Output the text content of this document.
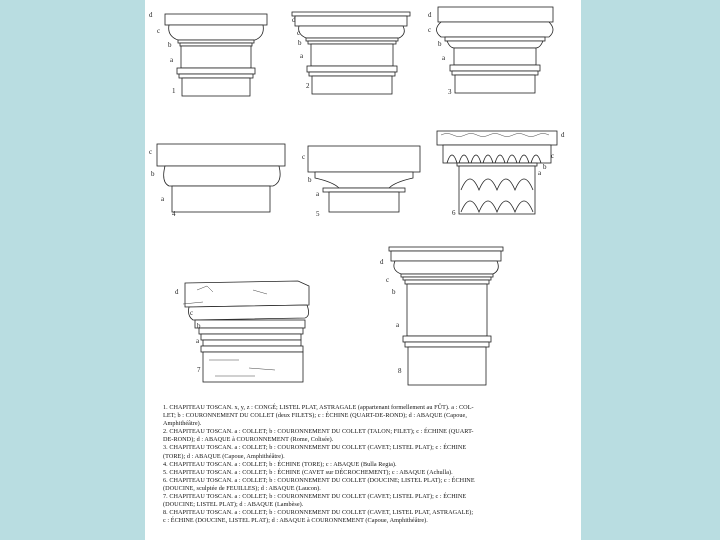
d
c
b
a
1
d
c
b
a
2
d
c
b
a
3
c
b
a
4
c
b
a
5
d
c
b
a
6
d
c
b
a
7
d
c
b
a
8

1. CHAPITEAU TOSCAN. x, y, z : CONGÉ; LISTEL PLAT, ASTRAGALE (appartenant formellement au FÛT). a : COL-

LET; b : COURONNEMENT DU COLLET (deux FILETS); c : ÉCHINE (QUART-DE-ROND); d : ABAQUE (Capoue,

Amphithéâtre).

2. CHAPITEAU TOSCAN. a : COLLET; b : COURONNEMENT DU COLLET (TALON; FILET); c : ÉCHINE (QUART-

DE-ROND); d : ABAQUE à COURONNEMENT (Rome, Colisée).

3. CHAPITEAU TOSCAN. a : COLLET; b : COURONNEMENT DU COLLET (CAVET; LISTEL PLAT); c : ÉCHINE

(TORE); d : ABAQUE (Capoue, Amphithéâtre).

4. CHAPITEAU TOSCAN. a : COLLET; b : ÉCHINE (TORE); c : ABAQUE (Bulla Regia).

5. CHAPITEAU TOSCAN. a : COLLET; b : ÉCHINE (CAVET sur DÉCROCHEMENT); c : ABAQUE (Achulla).

6. CHAPITEAU TOSCAN. a : COLLET; b : COURONNEMENT DU COLLET (DOUCINE; LISTEL PLAT); c : ÉCHINE

(DOUCINE, sculptée de FEUILLES); d : ABAQUE (Laucon).

7. CHAPITEAU TOSCAN. a : COLLET; b : COURONNEMENT DU COLLET (CAVET; LISTEL PLAT); c : ÉCHINE

(DOUCINE; LISTEL PLAT); d : ABAQUE (Lambèse).

8. CHAPITEAU TOSCAN. a : COLLET; b : COURONNEMENT DU COLLET (CAVET, LISTEL PLAT, ASTRAGALE);

c : ÉCHINE (DOUCINE, LISTEL PLAT); d : ABAQUE à COURONNEMENT (Capoue, Amphithéâtre).
